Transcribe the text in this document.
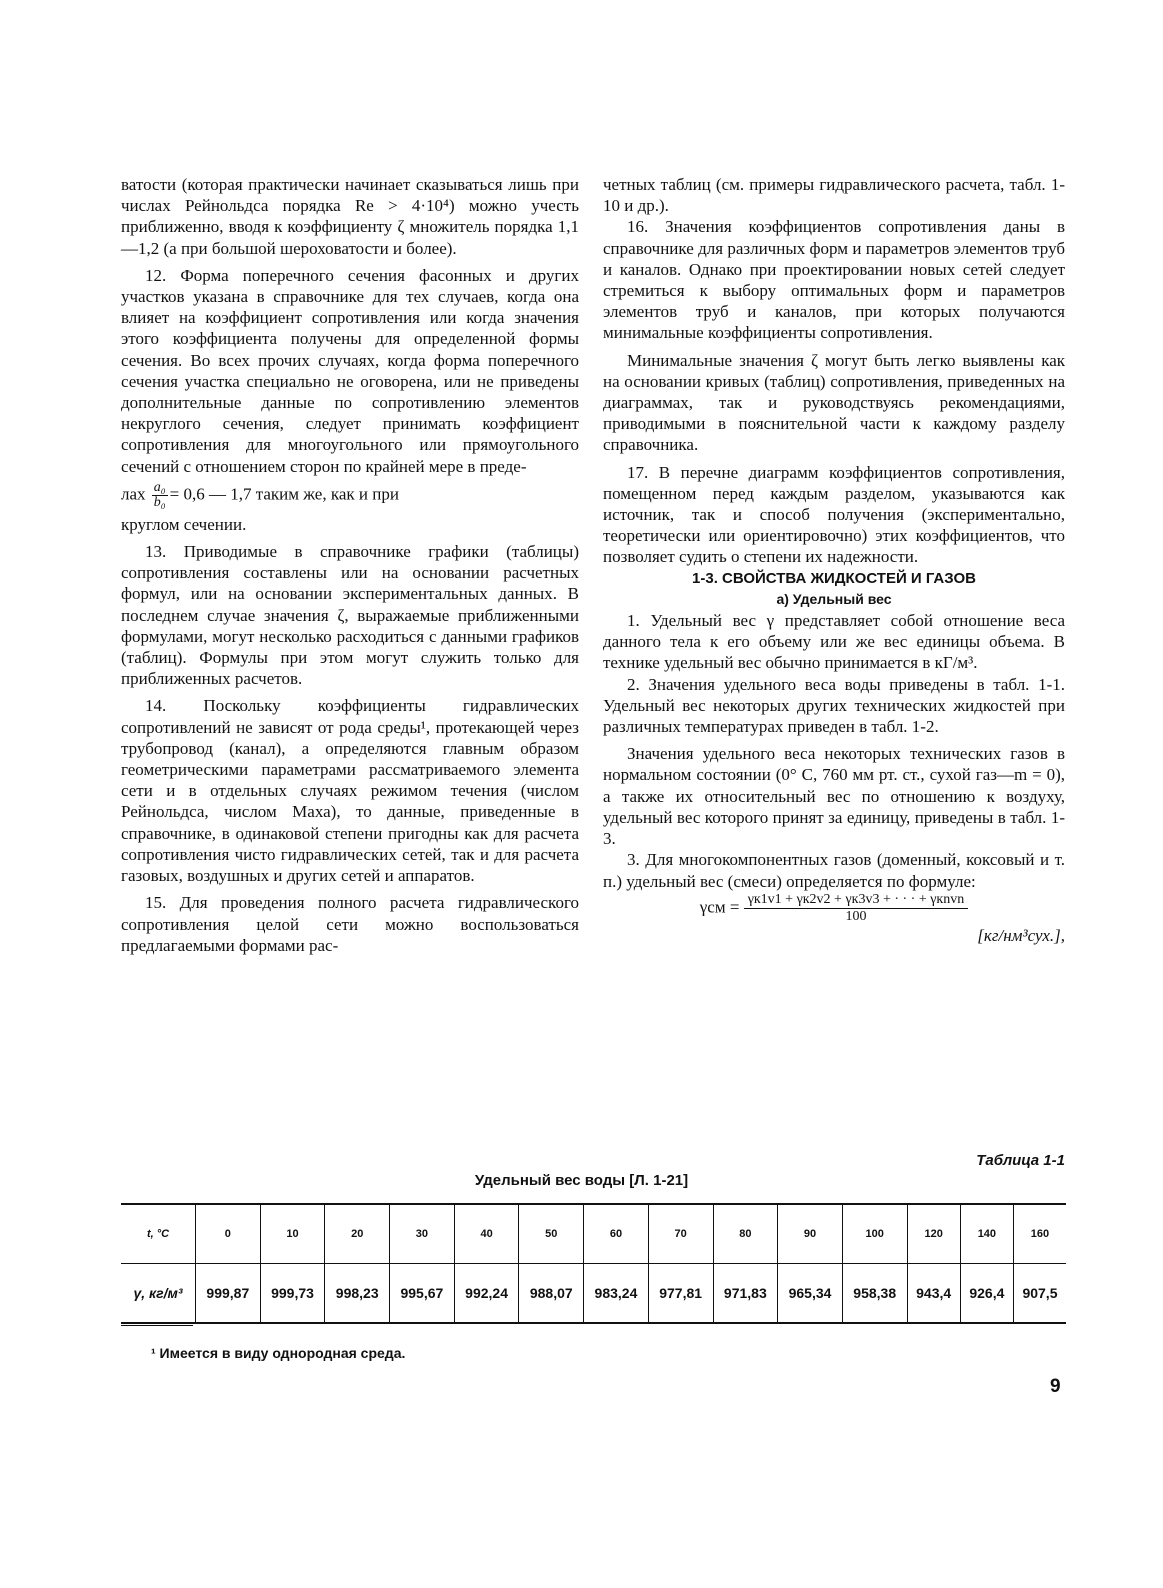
ватости (которая практически начинает сказываться лишь при числах Рейнольдса порядка Re > 4·10⁴) можно учесть приближенно, вводя к коэффициенту ζ множитель порядка 1,1—1,2 (а при большой шероховатости и более).

12. Форма поперечного сечения фасонных и других участков указана в справочнике для тех случаев, когда она влияет на коэффициент сопротивления или когда значения этого коэффициента получены для определенной формы сечения. Во всех прочих случаях, когда форма поперечного сечения участка специально не оговорена, или не приведены дополнительные данные по сопротивлению элементов некруглого сечения, следует принимать коэффициент сопротивления для многоугольного или прямоугольного сечений с отношением сторон по крайней мере в преде-

лах $\frac{\text{a₀}}{\text{b₀}} = 0,6$ — 1,7 таким же, как и при

круглом сечении.

13. Приводимые в справочнике графики (таблицы) сопротивления составлены или на основании расчетных формул, или на основании экспериментальных данных. В последнем случае значения ζ, выражаемые приближенными формулами, могут несколько расходиться с данными графиков (таблиц). Формулы при этом могут служить только для приближенных расчетов.

14. Поскольку коэффициенты гидравлических сопротивлений не зависят от рода среды¹, протекающей через трубопровод (канал), а определяются главным образом геометрическими параметрами рассматриваемого элемента сети и в отдельных случаях режимом течения (числом Рейнольдса, числом Маха), то данные, приведенные в справочнике, в одинаковой степени пригодны как для расчета сопротивления чисто гидравлических сетей, так и для расчета газовых, воздушных и других сетей и аппаратов.

15. Для проведения полного расчета гидравлического сопротивления целой сети можно воспользоваться предлагаемыми формами рас-

четных таблиц (см. примеры гидравлического расчета, табл. 1-10 и др.).

16. Значения коэффициентов сопротивления даны в справочнике для различных форм и параметров элементов труб и каналов. Однако при проектировании новых сетей следует стремиться к выбору оптимальных форм и параметров элементов труб и каналов, при которых получаются минимальные коэффициенты сопротивления.

Минимальные значения ζ могут быть легко выявлены как на основании кривых (таблиц) сопротивления, приведенных на диаграммах, так и руководствуясь рекомендациями, приводимыми в пояснительной части к каждому разделу справочника.

17. В перечне диаграмм коэффициентов сопротивления, помещенном перед каждым разделом, указываются как источник, так и способ получения (экспериментально, теоретически или ориентировочно) этих коэффициентов, что позволяет судить о степени их надежности.

1-3. СВОЙСТВА ЖИДКОСТЕЙ И ГАЗОВ

а) Удельный вес

1. Удельный вес γ представляет собой отношение веса данного тела к его объему или же вес единицы объема. В технике удельный вес обычно принимается в кГ/м³.

2. Значения удельного веса воды приведены в табл. 1-1. Удельный вес некоторых других технических жидкостей при различных температурах приведен в табл. 1-2.

Значения удельного веса некоторых технических газов в нормальном состоянии (0° С, 760 мм рт. ст., сухой газ—m = 0), а также их относительный вес по отношению к воздуху, удельный вес которого принят за единицу, приведены в табл. 1-3.

3. Для многокомпонентных газов (доменный, коксовый и т. п.) удельный вес (смеси) определяется по формуле:

$\gamma см = \frac{\text{γк1v1 + γк2v2 + γк3v3 + · · · + γкnvn}}{100}$

[кг/нм³сух.],

Таблица 1-1
Удельный вес воды [Л. 1-21]
t, °С	0	10	20	30	40	50	60	70	80	90	100	120	140	160
γ, кг/м³	999,87	999,73	998,23	995,67	992,24	988,07	983,24	977,81	971,83	965,34	958,38	943,4	926,4	907,5
¹ Имеется в виду однородная среда.
9
